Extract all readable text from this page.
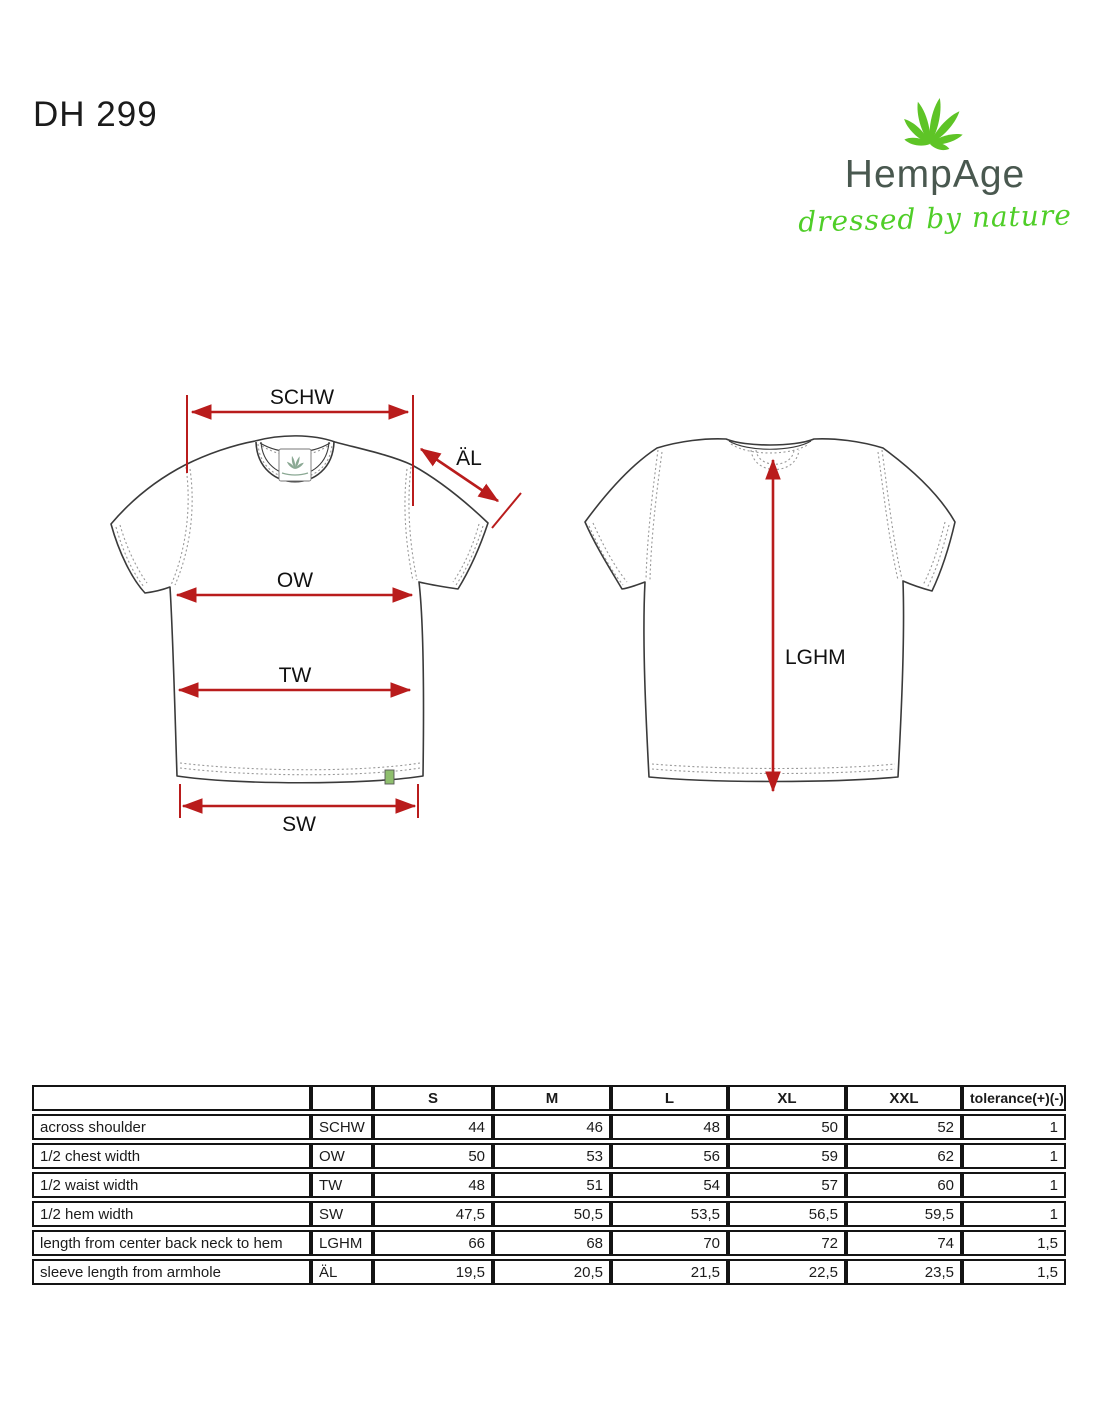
DH 299
HempAge
dressed by nature
SCHW
ÄL
OW
TW
SW
LGHM
		S	M	L	XL	XXL	tolerance(+)(-)
across shoulder	SCHW	44	46	48	50	52	1
1/2 chest width	OW	50	53	56	59	62	1
1/2 waist width	TW	48	51	54	57	60	1
1/2 hem width	SW	47,5	50,5	53,5	56,5	59,5	1
length from center back neck to hem	LGHM	66	68	70	72	74	1,5
sleeve length from armhole	ÄL	19,5	20,5	21,5	22,5	23,5	1,5
